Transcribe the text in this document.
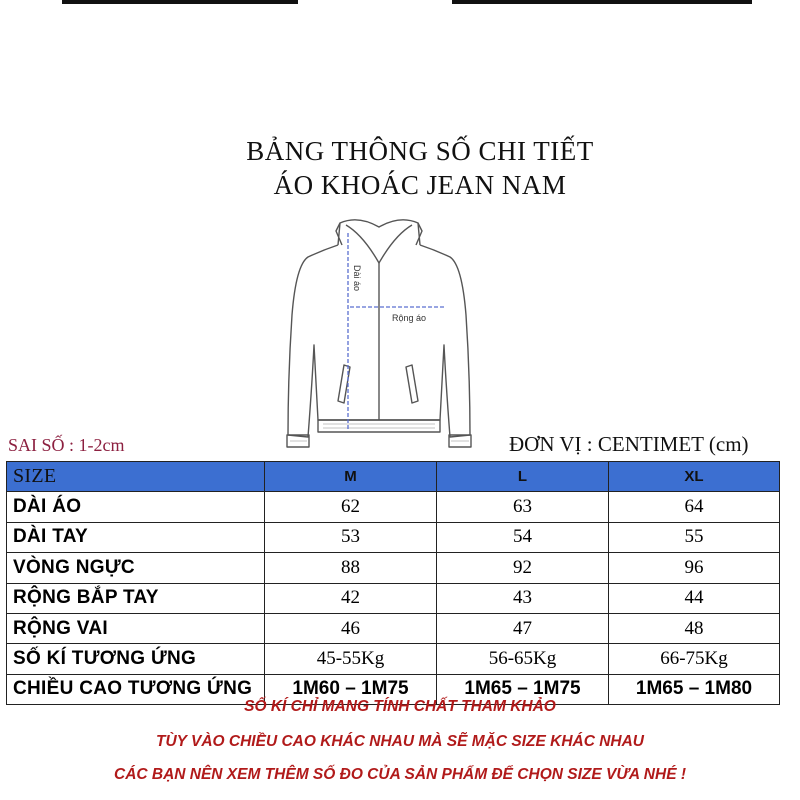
BẢNG THÔNG SỐ CHI TIẾT
ÁO KHOÁC JEAN NAM
Dài áo
Rộng áo
SAI SỐ : 1-2cm	ĐƠN VỊ : CENTIMET (cm)
SIZE	M	L	XL
DÀI ÁO	62	63	64
DÀI TAY	53	54	55
VÒNG NGỰC	88	92	96
RỘNG BẮP TAY	42	43	44
RỘNG VAI	46	47	48
SỐ KÍ TƯƠNG ỨNG	45-55Kg	56-65Kg	66-75Kg
CHIỀU CAO TƯƠNG ỨNG	1M60 – 1M75	1M65 – 1M75	1M65 – 1M80
SỐ KÍ CHỈ MANG TÍNH CHẤT THAM KHẢO
TÙY VÀO CHIỀU CAO KHÁC NHAU MÀ SẼ MẶC SIZE KHÁC NHAU
CÁC BẠN NÊN XEM THÊM SỐ ĐO CỦA SẢN PHẨM ĐỂ CHỌN SIZE VỪA NHÉ !
